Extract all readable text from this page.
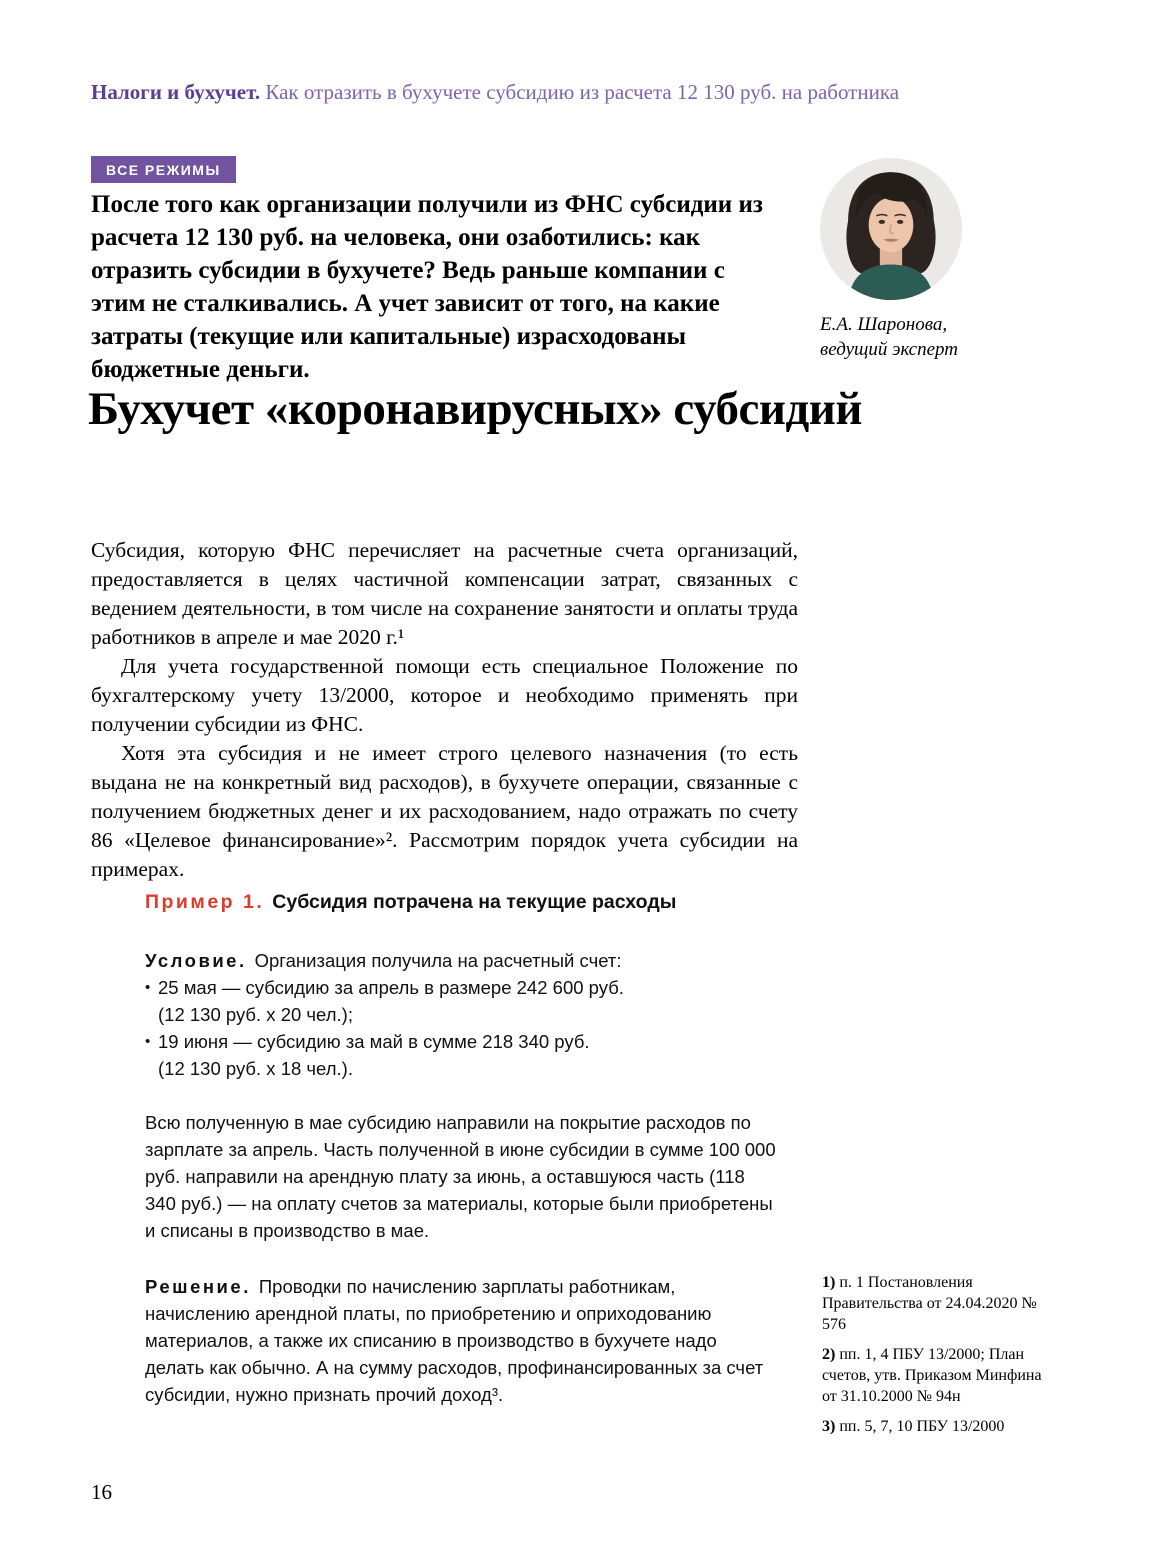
Налоги и бухучет. Как отразить в бухучете субсидию из расчета 12 130 руб. на работника
ВСЕ РЕЖИМЫ

После того как организации получили из ФНС субсидии из расчета 12 130 руб. на человека, они озаботились: как отразить субсидии в бухучете? Ведь раньше компании с этим не сталкивались. А учет зависит от того, на какие затраты (текущие или капитальные) израсходованы бюджетные деньги.

Е.А. Шаронова,
ведущий эксперт
Бухучет «коронавирусных» субсидий

Субсидия, которую ФНС перечисляет на расчетные счета организаций, предоставляется в целях частичной компенсации затрат, связанных с ведением деятельности, в том числе на сохранение занятости и оплаты труда работников в апреле и мае 2020 г.¹

Для учета государственной помощи есть специальное Положение по бухгалтерскому учету 13/2000, которое и необходимо применять при получении субсидии из ФНС.

Хотя эта субсидия и не имеет строго целевого назначения (то есть выдана не на конкретный вид расходов), в бухучете операции, связанные с получением бюджетных денег и их расходованием, надо отражать по счету 86 «Целевое финансирование»². Рассмотрим порядок учета субсидии на примерах.

Пример 1. Субсидия потрачена на текущие расходы
Условие. Организация получила на расчетный счет:
• 25 мая — субсидию за апрель в размере 242 600 руб.
(12 130 руб. x 20 чел.);
• 19 июня — субсидию за май в сумме 218 340 руб.
(12 130 руб. x 18 чел.).

Всю полученную в мае субсидию направили на покрытие расходов по зарплате за апрель. Часть полученной в июне субсидии в сумме 100 000 руб. направили на арендную плату за июнь, а оставшуюся часть (118 340 руб.) — на оплату счетов за материалы, которые были приобретены и списаны в производство в мае.

Решение. Проводки по начислению зарплаты работникам, начислению арендной платы, по приобретению и оприходованию материалов, а также их списанию в производство в бухучете надо делать как обычно. А на сумму расходов, профинансированных за счет субсидии, нужно признать прочий доход³.

1) п. 1 Постановления Правительства от 24.04.2020 № 576
2) пп. 1, 4 ПБУ 13/2000; План счетов, утв. Приказом Минфина от 31.10.2000 № 94н
3) пп. 5, 7, 10 ПБУ 13/2000
16
